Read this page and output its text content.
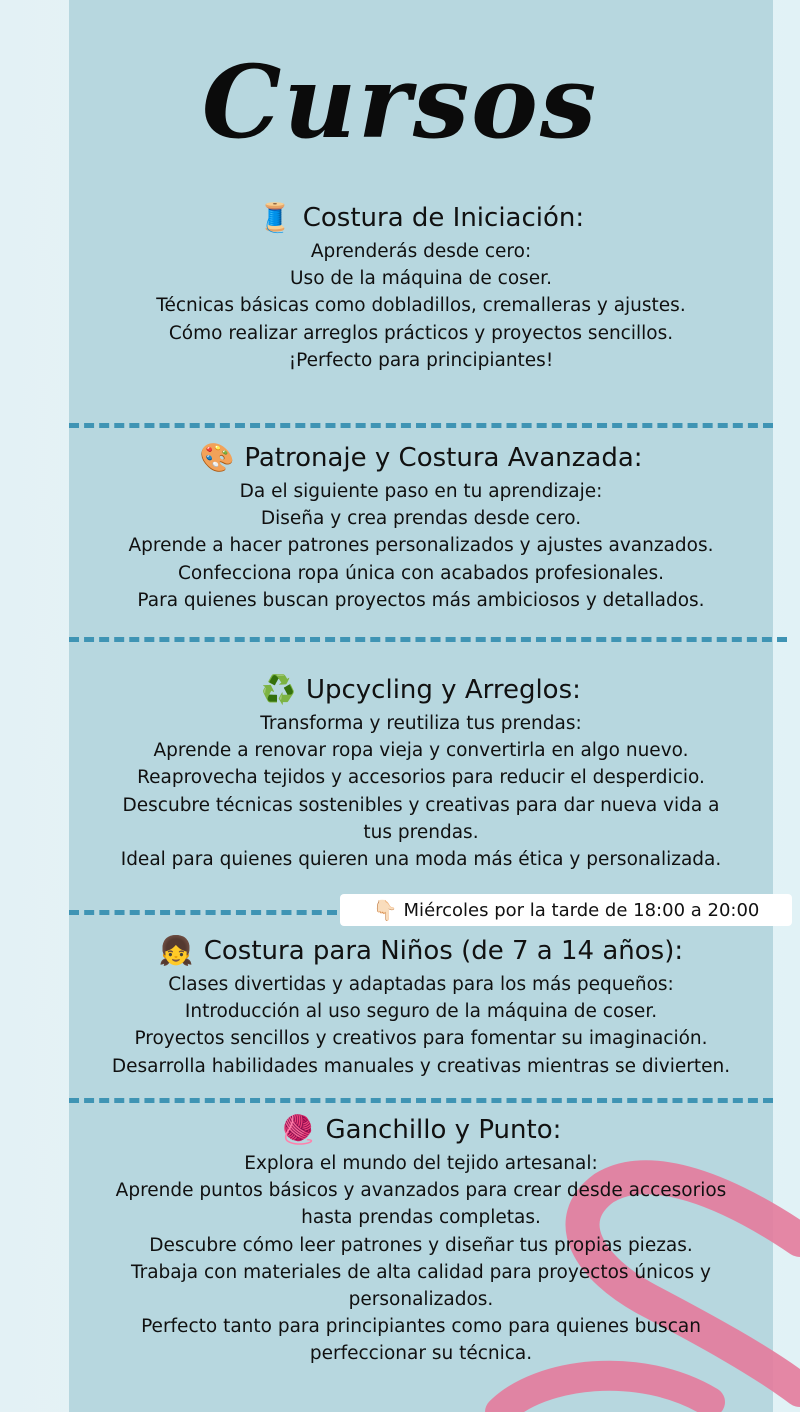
Cursos
🧵 Costura de Iniciación:

Aprenderás desde cero:

Uso de la máquina de coser.

Técnicas básicas como dobladillos, cremalleras y ajustes.

Cómo realizar arreglos prácticos y proyectos sencillos.

¡Perfecto para principiantes!

🎨 Patronaje y Costura Avanzada:

Da el siguiente paso en tu aprendizaje:

Diseña y crea prendas desde cero.

Aprende a hacer patrones personalizados y ajustes avanzados.

Confecciona ropa única con acabados profesionales.

Para quienes buscan proyectos más ambiciosos y detallados.

♻️ Upcycling y Arreglos:

Transforma y reutiliza tus prendas:

Aprende a renovar ropa vieja y convertirla en algo nuevo.

Reaprovecha tejidos y accesorios para reducir el desperdicio.

Descubre técnicas sostenibles y creativas para dar nueva vida a

tus prendas.

Ideal para quienes quieren una moda más ética y personalizada.

👇🏻 Miércoles por la tarde de 18:00 a 20:00
👧 Costura para Niños (de 7 a 14 años):

Clases divertidas y adaptadas para los más pequeños:

Introducción al uso seguro de la máquina de coser.

Proyectos sencillos y creativos para fomentar su imaginación.

Desarrolla habilidades manuales y creativas mientras se divierten.

🧶 Ganchillo y Punto:

Explora el mundo del tejido artesanal:

Aprende puntos básicos y avanzados para crear desde accesorios

hasta prendas completas.

Descubre cómo leer patrones y diseñar tus propias piezas.

Trabaja con materiales de alta calidad para proyectos únicos y

personalizados.

Perfecto tanto para principiantes como para quienes buscan

perfeccionar su técnica.
